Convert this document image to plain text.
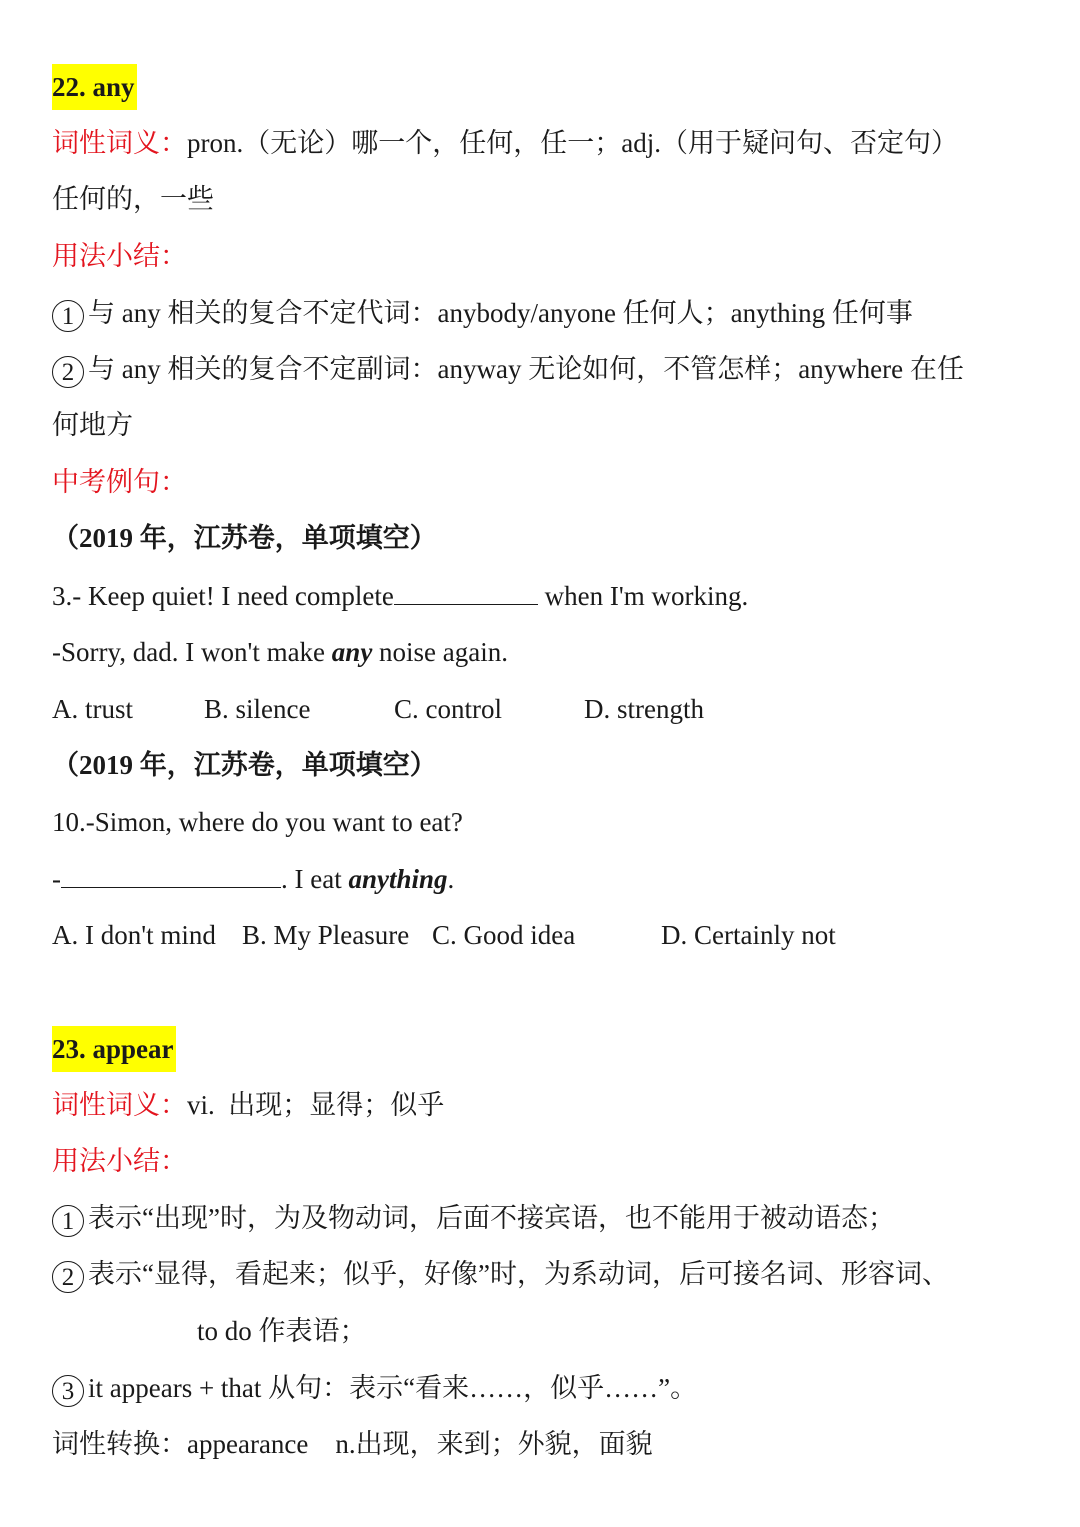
22. any
词性词义：pron.（无论）哪一个，任何，任一；adj.（用于疑问句、否定句）
任何的，一些
用法小结：
1 与 any 相关的复合不定代词：anybody/anyone 任何人；anything 任何事
2 与 any 相关的复合不定副词：anyway 无论如何，不管怎样；anywhere 在任
何地方
中考例句：
（2019 年，江苏卷，单项填空）
3.- Keep quiet! I need complete	when I'm working.
-Sorry, dad. I won't make any noise again.
A. trust	B. silence	C. control	D. strength
（2019 年，江苏卷，单项填空）
10.-Simon, where do you want to eat?
-	. I eat anything.
A. I don't mind B. My Pleasure C. Good idea	D. Certainly not
23. appear
词性词义：vi.  出现；显得；似乎
用法小结：
1 表示“出现”时，为及物动词，后面不接宾语，也不能用于被动语态；
2 表示“显得，看起来；似乎，好像”时，为系动词，后可接名词、形容词、
to do 作表语；
3 it appears + that 从句：表示“看来……，似乎……”。
词性转换：appearance    n.出现，来到；外貌，面貌
